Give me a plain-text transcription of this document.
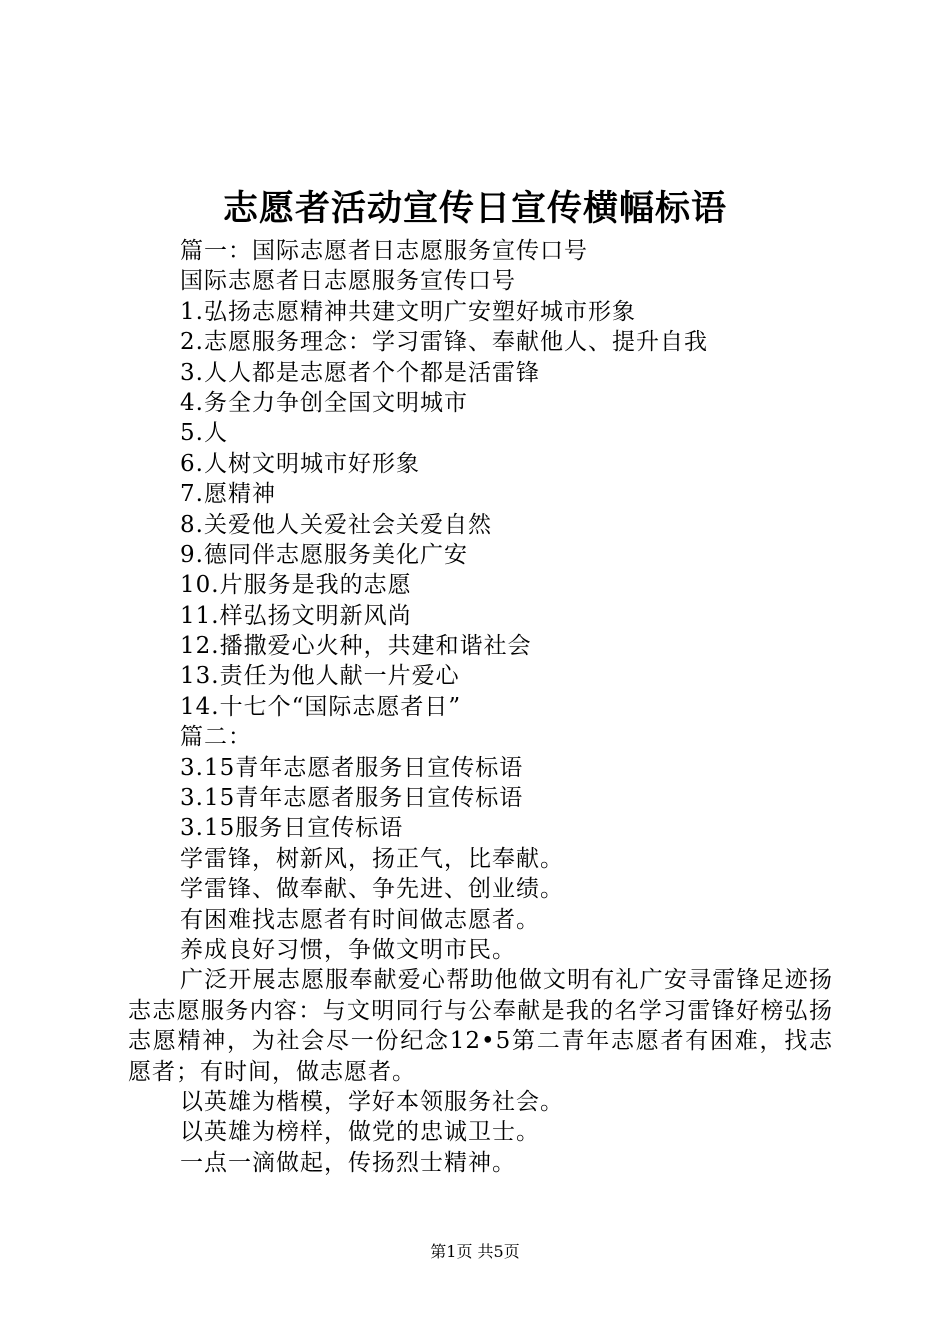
志愿者活动宣传日宣传横幅标语
篇一：国际志愿者日志愿服务宣传口号
国际志愿者日志愿服务宣传口号
1.弘扬志愿精神共建文明广安塑好城市形象
2.志愿服务理念：学习雷锋、奉献他人、提升自我
3.人人都是志愿者个个都是活雷锋
4.务全力争创全国文明城市
5.人
6.人树文明城市好形象
7.愿精神
8.关爱他人关爱社会关爱自然
9.德同伴志愿服务美化广安
10.片服务是我的志愿
11.样弘扬文明新风尚
12.播撒爱心火种，共建和谐社会
13.责任为他人献一片爱心
14.十七个“国际志愿者日”
篇二：
3.15青年志愿者服务日宣传标语
3.15青年志愿者服务日宣传标语
3.15服务日宣传标语
学雷锋，树新风，扬正气，比奉献。
学雷锋、做奉献、争先进、创业绩。
有困难找志愿者有时间做志愿者。
养成良好习惯，争做文明市民。
广泛开展志愿服奉献爱心帮助他做文明有礼广安寻雷锋足迹扬志志愿服务内容：与文明同行与公奉献是我的名学习雷锋好榜弘扬志愿精神，为社会尽一份纪念12•5第二青年志愿者有困难，找志愿者；有时间，做志愿者。
以英雄为楷模，学好本领服务社会。
以英雄为榜样，做党的忠诚卫士。
一点一滴做起，传扬烈士精神。
第1页 共5页
